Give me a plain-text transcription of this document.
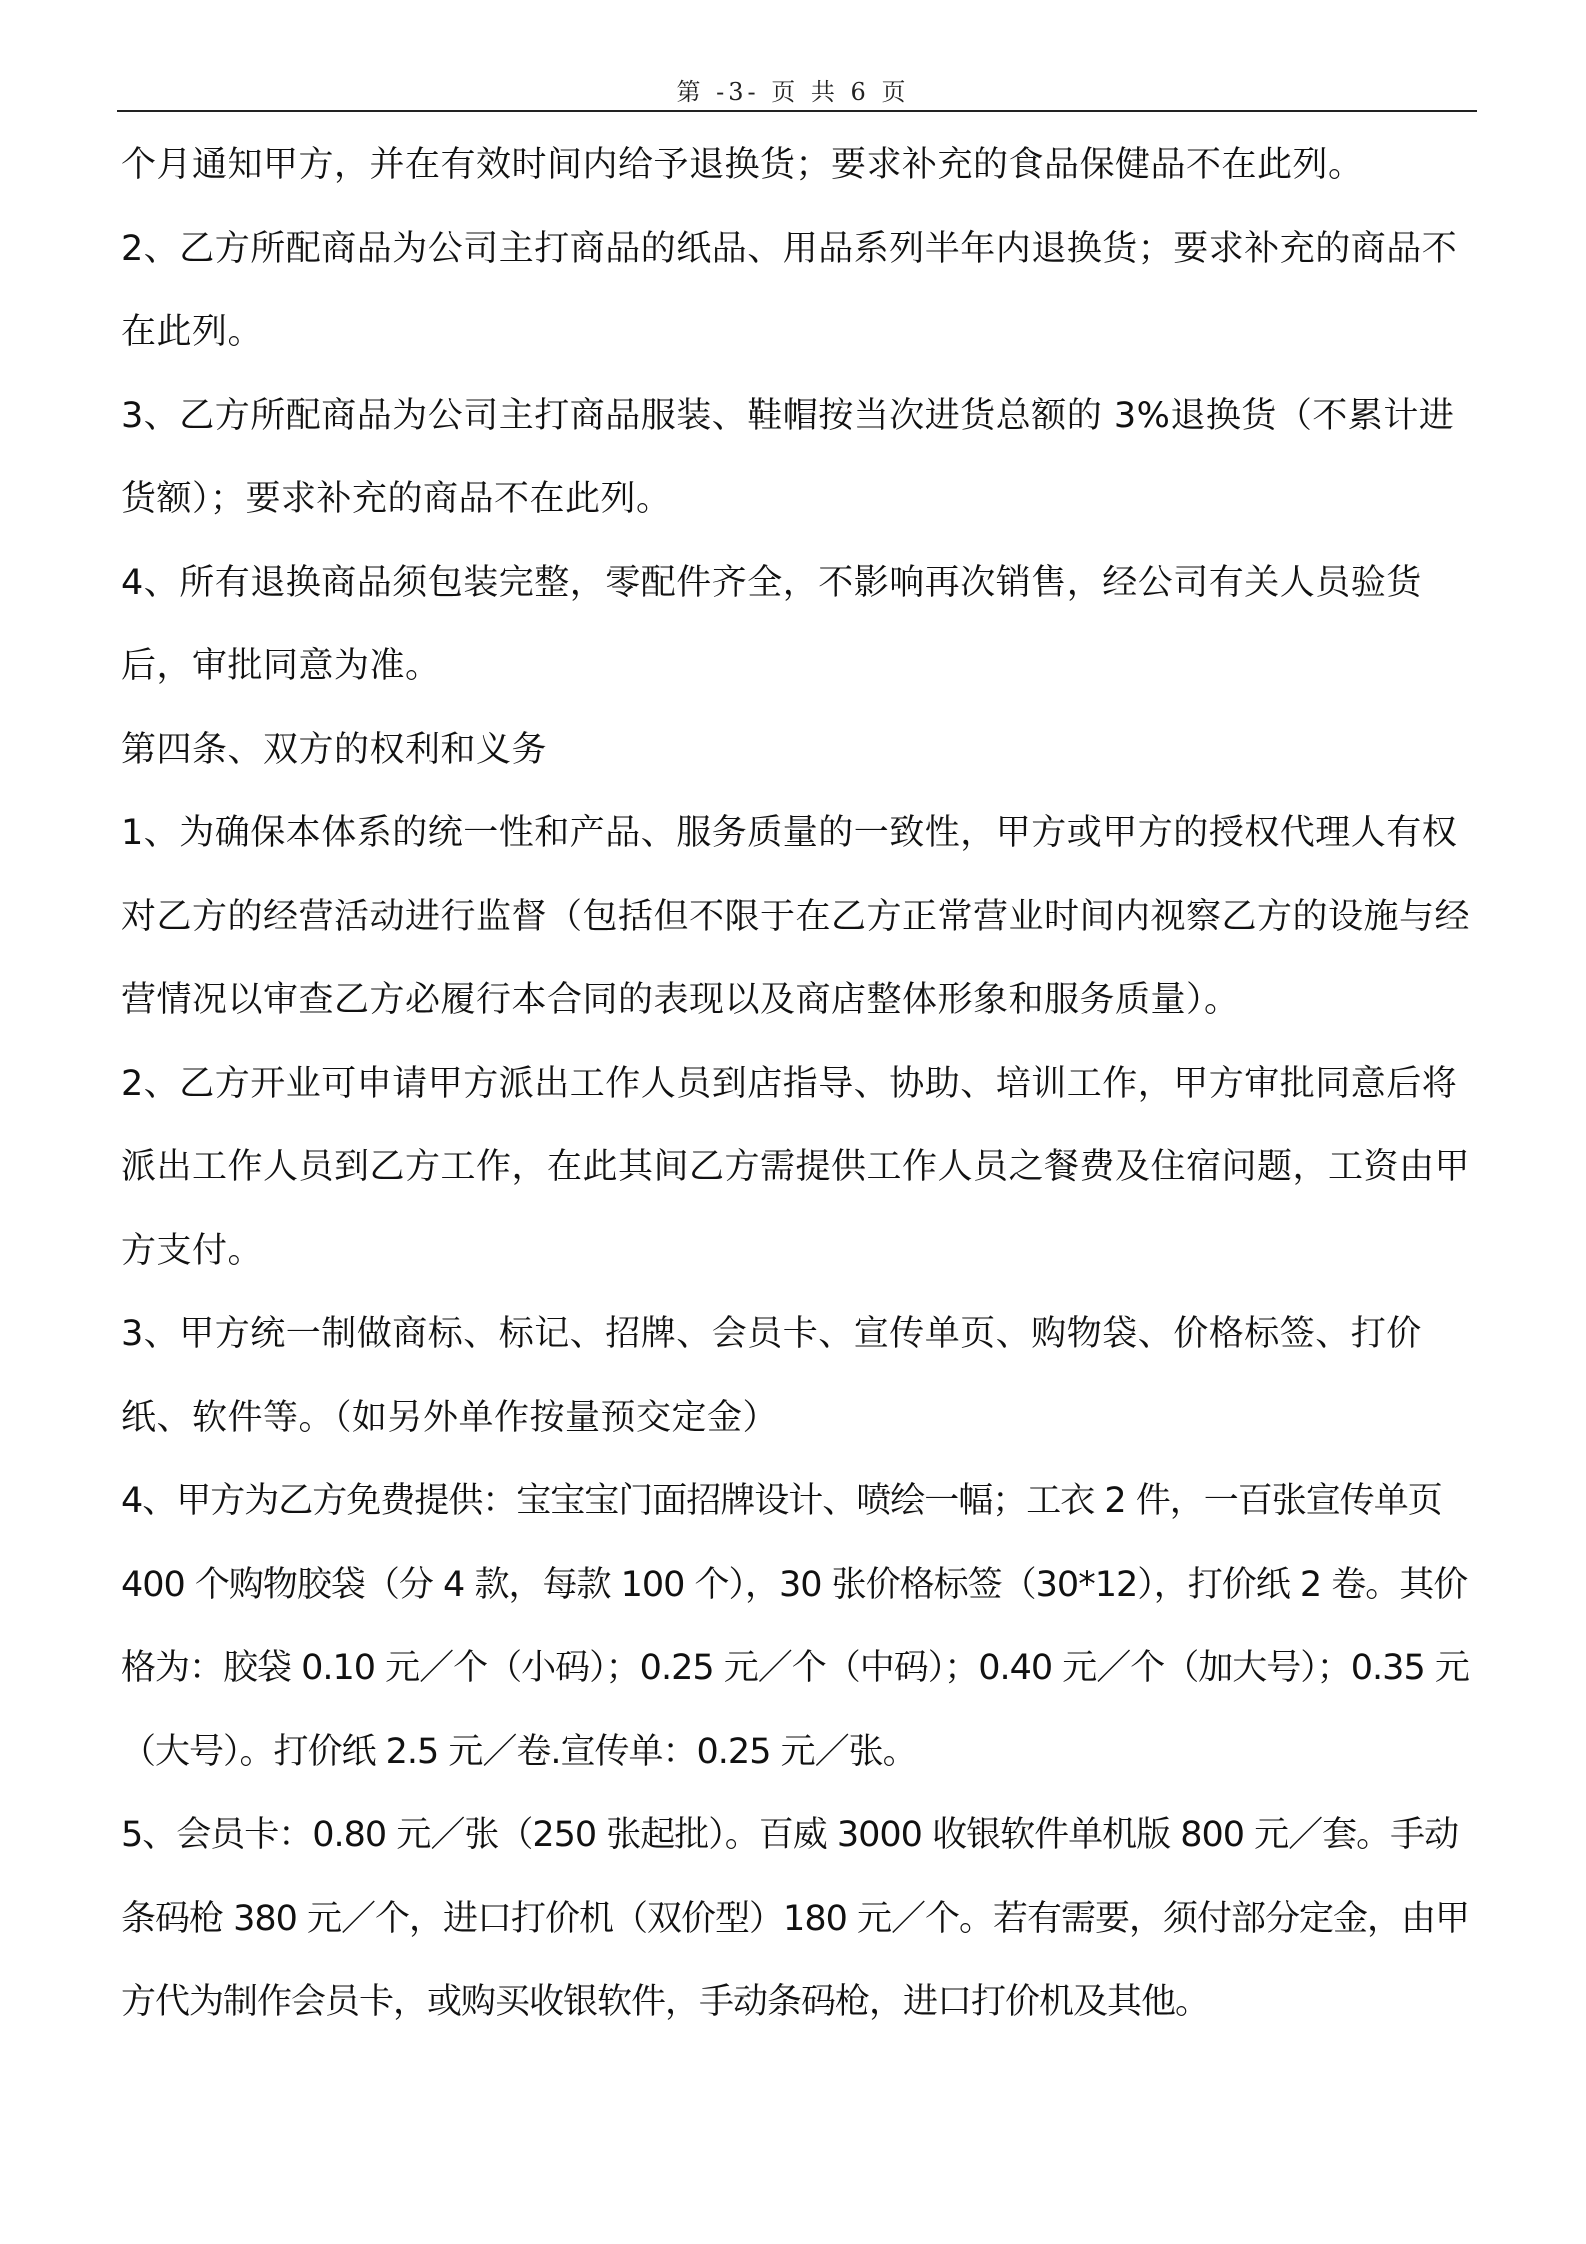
第 -3- 页 共 6 页

个月通知甲方，并在有效时间内给予退换货；要求补充的食品保健品不在此列。

2、乙方所配商品为公司主打商品的纸品、用品系列半年内退换货；要求补充的商品不在此列。

3、乙方所配商品为公司主打商品服装、鞋帽按当次进货总额的 3%退换货（不累计进货额）；要求补充的商品不在此列。

4、所有退换商品须包装完整，零配件齐全，不影响再次销售，经公司有关人员验货后，审批同意为准。

第四条、双方的权利和义务

1、为确保本体系的统一性和产品、服务质量的一致性，甲方或甲方的授权代理人有权对乙方的经营活动进行监督（包括但不限于在乙方正常营业时间内视察乙方的设施与经营情况以审查乙方必履行本合同的表现以及商店整体形象和服务质量）。

2、乙方开业可申请甲方派出工作人员到店指导、协助、培训工作，甲方审批同意后将派出工作人员到乙方工作，在此其间乙方需提供工作人员之餐费及住宿问题，工资由甲方支付。

3、甲方统一制做商标、标记、招牌、会员卡、宣传单页、购物袋、价格标签、打价纸、软件等。（如另外单作按量预交定金）

4、甲方为乙方免费提供：宝宝宝门面招牌设计、喷绘一幅；工衣 2 件，一百张宣传单页 400 个购物胶袋（分 4 款，每款 100 个），30 张价格标签（30*12），打价纸 2 卷。其价格为：胶袋 0.10 元／个（小码）；0.25 元／个（中码）；0.40 元／个（加大号）；0.35 元（大号）。打价纸 2.5 元／卷.宣传单：0.25 元／张。

5、会员卡：0.80 元／张（250 张起批）。百威 3000 收银软件单机版 800 元／套。手动条码枪 380 元／个，进口打价机（双价型）180 元／个。若有需要，须付部分定金，由甲方代为制作会员卡，或购买收银软件，手动条码枪，进口打价机及其他。
